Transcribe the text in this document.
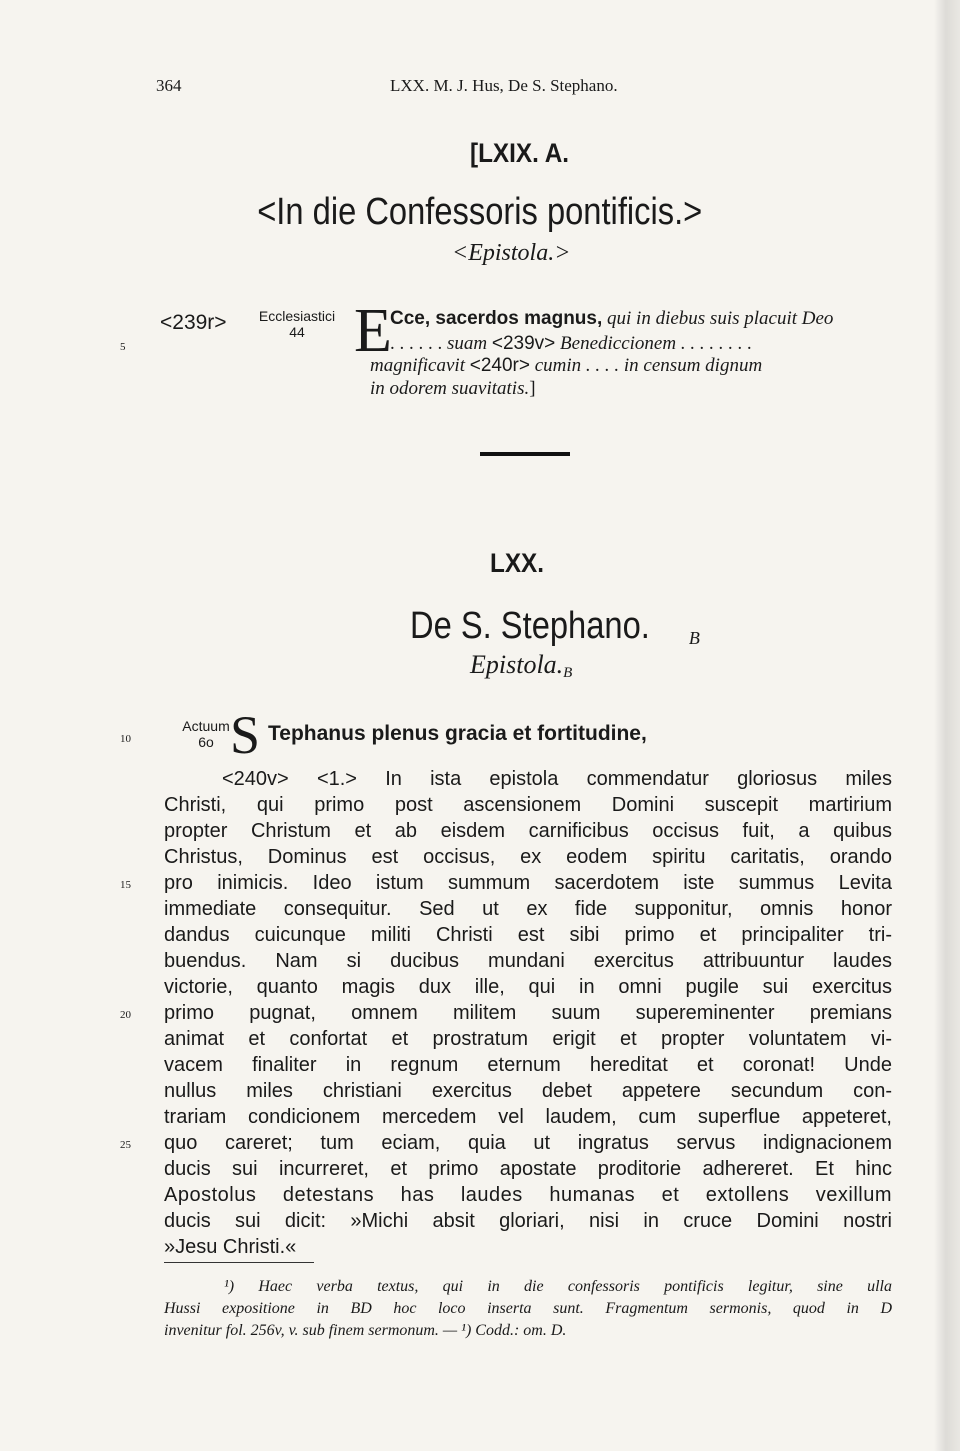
364	LXX. M. J. Hus, De S. Stephano.
[LXIX. A.
<In die Confessoris pontificis.>
<Epistola.>
<239r>	Ecclesiastici
44 E
Cce, sacerdos magnus, qui in diebus suis placuit Deo
. . . . . . suam <239v> Benediccionem . . . . . . . .
magnificavit <240r> cumin . . . . in censum dignum
in odorem suavitatis.]
LXX.
De S. Stephano. B
Epistola.B
Actuum
6o S Tephanus plenus gracia et fortitudine,
<240v> <1.> In ista epistola commendatur gloriosus miles
Christi, qui primo post ascensionem Domini suscepit martirium
propter Christum et ab eisdem carnificibus occisus fuit, a quibus
Christus, Dominus est occisus, ex eodem spiritu caritatis, orando
pro inimicis. Ideo istum summum sacerdotem iste summus Levita
immediate consequitur. Sed ut ex fide supponitur, omnis honor
dandus cuicunque militi Christi est sibi primo et principaliter tri-
buendus. Nam si ducibus mundani exercitus attribuuntur laudes
victorie, quanto magis dux ille, qui in omni pugile sui exercitus
primo pugnat, omnem militem suum supereminenter premians
animat et confortat et prostratum erigit et propter voluntatem vi-
vacem finaliter in regnum eternum hereditat et coronat! Unde
nullus miles christiani exercitus debet appetere secundum con-
trariam condicionem mercedem vel laudem, cum superflue appeteret,
quo careret; tum eciam, quia ut ingratus servus indignacionem
ducis sui incurreret, et primo apostate proditorie adhereret. Et hinc
Apostolus detestans has laudes humanas et extollens vexillum
ducis sui dicit: »Michi absit gloriari, nisi in cruce Domini nostri
»Jesu Christi.«
5
10
15
20
25
¹) Haec verba textus, qui in die confessoris pontificis legitur, sine ulla
Hussi expositione in BD hoc loco inserta sunt. Fragmentum sermonis, quod in D
invenitur fol. 256v, v. sub finem sermonum. — ¹) Codd.: om. D.
